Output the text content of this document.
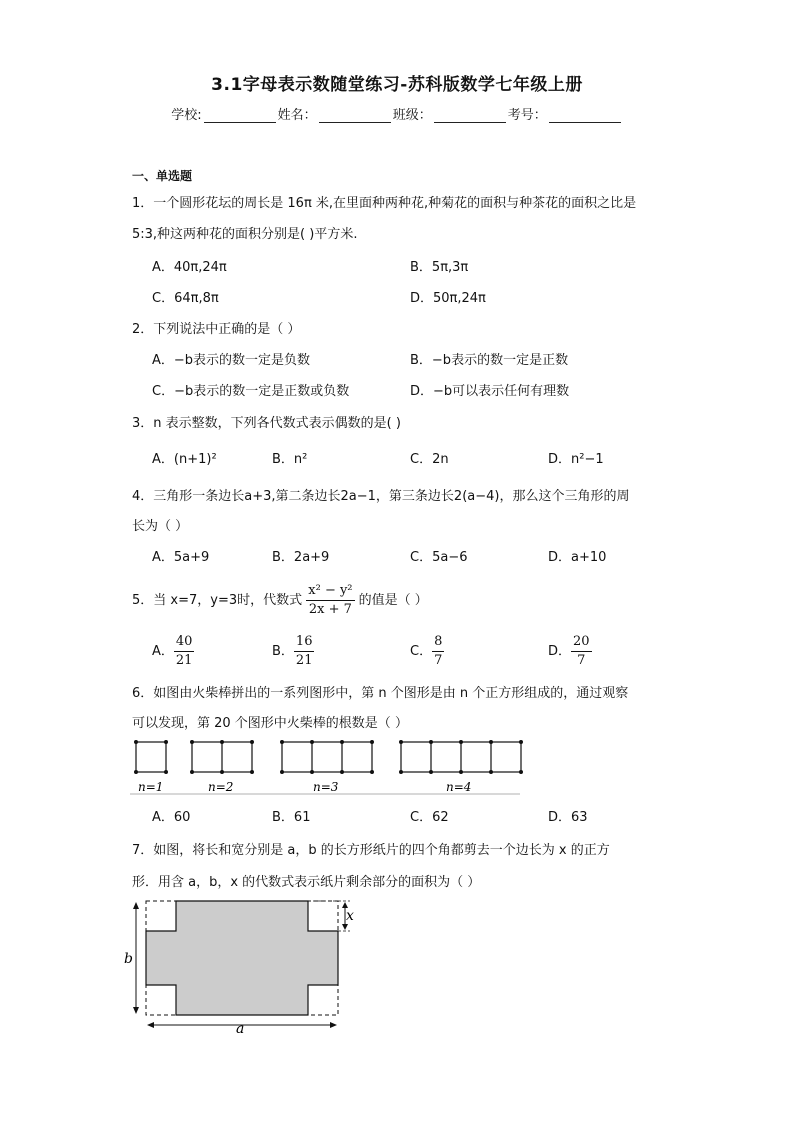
3.1字母表示数随堂练习-苏科版数学七年级上册
学校:	姓名：	班级：	考号：
一、单选题
1．一个圆形花坛的周长是 16π 米,在里面种两种花,种菊花的面积与种茶花的面积之比是
5:3,种这两种花的面积分别是( )平方米.
A．40π,24π	B．5π,3π
C．64π,8π	D．50π,24π
2．下列说法中正确的是（ ）
A．−b表示的数一定是负数	B．−b表示的数一定是正数
C．−b表示的数一定是正数或负数	D．−b可以表示任何有理数
3．n 表示整数，下列各代数式表示偶数的是( )
A．(n+1)²	B．n²	C．2n	D．n²−1
4．三角形一条边长a+3,第二条边长2a−1，第三条边长2(a−4)，那么这个三角形的周
长为（ ）
A．5a+9	B．2a+9	C．5a−6	D．a+10
5．当 x=7，y=3时，代数式 $\frac{\text{x² − y²}}{2x + 7}$ 的值是（ ）
A． $\frac{40}{21}$	B． $\frac{16}{21}$	C． $\frac{8}{7}$	D． $\frac{20}{7}$
6．如图由火柴棒拼出的一系列图形中，第 n 个图形是由 n 个正方形组成的，通过观察
可以发现，第 20 个图形中火柴棒的根数是（ ）
n=1	n=2	n=3	n=4
A．60	B．61	C．62	D．63
7．如图，将长和宽分别是 a，b 的长方形纸片的四个角都剪去一个边长为 x 的正方
形．用含 a，b，x 的代数式表示纸片剩余部分的面积为（ ）
x
b
a
